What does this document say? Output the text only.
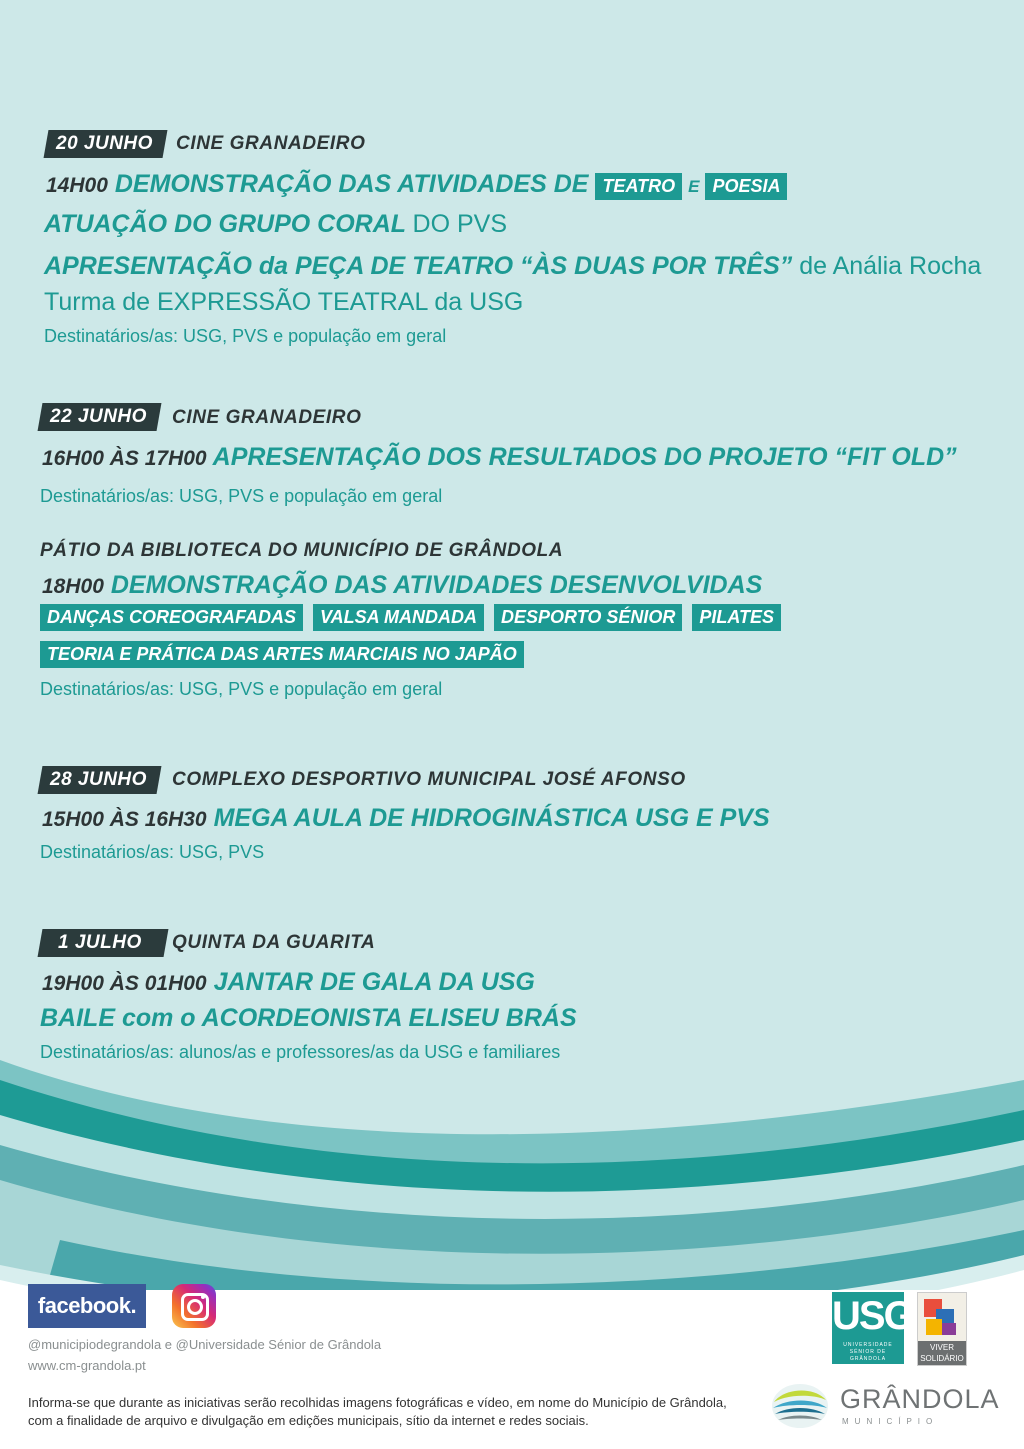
20 JUNHO	CINE GRANADEIRO
14H00 DEMONSTRAÇÃO DAS ATIVIDADES DE TEATRO E POESIA
ATUAÇÃO DO GRUPO CORAL DO PVS
APRESENTAÇÃO da PEÇA DE TEATRO “ÀS DUAS POR TRÊS” de Anália Rocha
Turma de EXPRESSÃO TEATRAL da USG
Destinatários/as: USG, PVS e população em geral
22 JUNHO	CINE GRANADEIRO
16H00 ÀS 17H00 APRESENTAÇÃO DOS RESULTADOS DO PROJETO “FIT OLD”
Destinatários/as: USG, PVS e população em geral
PÁTIO DA BIBLIOTECA DO MUNICÍPIO DE GRÂNDOLA
18H00 DEMONSTRAÇÃO DAS ATIVIDADES DESENVOLVIDAS
DANÇAS COREOGRAFADAS VALSA MANDADA DESPORTO SÉNIOR PILATES
TEORIA E PRÁTICA DAS ARTES MARCIAIS NO JAPÃO
Destinatários/as: USG, PVS e população em geral
28 JUNHO	COMPLEXO DESPORTIVO MUNICIPAL JOSÉ AFONSO
15H00 ÀS 16H30 MEGA AULA DE HIDROGINÁSTICA USG E PVS
Destinatários/as: USG, PVS
1 JULHO	QUINTA DA GUARITA
19H00 ÀS 01H00 JANTAR DE GALA DA USG
BAILE com o ACORDEONISTA ELISEU BRÁS
Destinatários/as: alunos/as e professores/as da USG e familiares
facebook.
@municipiodegrandola e @Universidade Sénior de Grândola
www.cm-grandola.pt
Informa-se que durante as iniciativas serão recolhidas imagens fotográficas e vídeo, em nome do Município de Grândola, com a finalidade de arquivo e divulgação em edições municipais, sítio da internet e redes sociais.
USG
UNIVERSIDADE SÉNIOR DE GRÂNDOLA
VIVER SOLIDÁRIO
GRÂNDOLA
MUNICÍPIO
